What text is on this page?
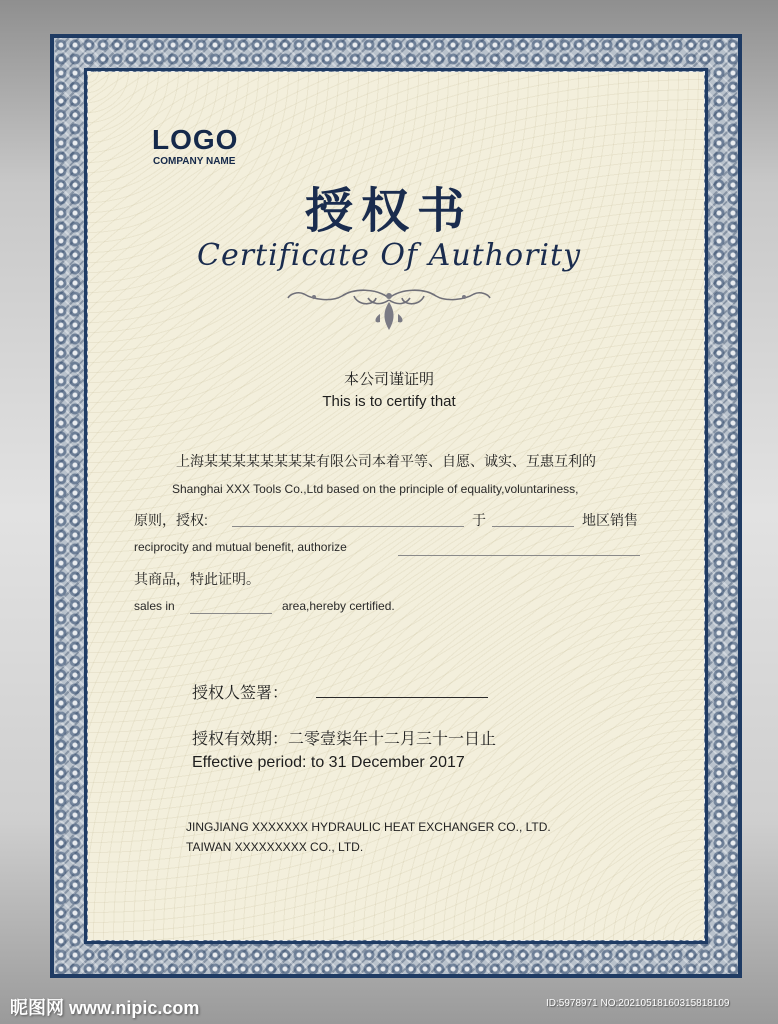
LOGO
COMPANY NAME
授权书
Certificate Of Authority
本公司谨证明
This is to certify that
上海某某某某某某某某有限公司本着平等、自愿、诚实、互惠互利的
Shanghai XXX Tools Co.,Ltd based on the principle of equality,voluntariness,
原则，授权:	于	地区销售
reciprocity and mutual benefit, authorize
其商品，特此证明。
sales in	area,hereby certified.
授权人签署：
授权有效期：二零壹柒年十二月三十一日止
Effective period: to 31 December 2017
JINGJIANG XXXXXXX HYDRAULIC HEAT EXCHANGER CO., LTD.
TAIWAN XXXXXXXXX CO., LTD.
昵图网 www.nipic.com	ID:5978971 NO:20210518160315818109
